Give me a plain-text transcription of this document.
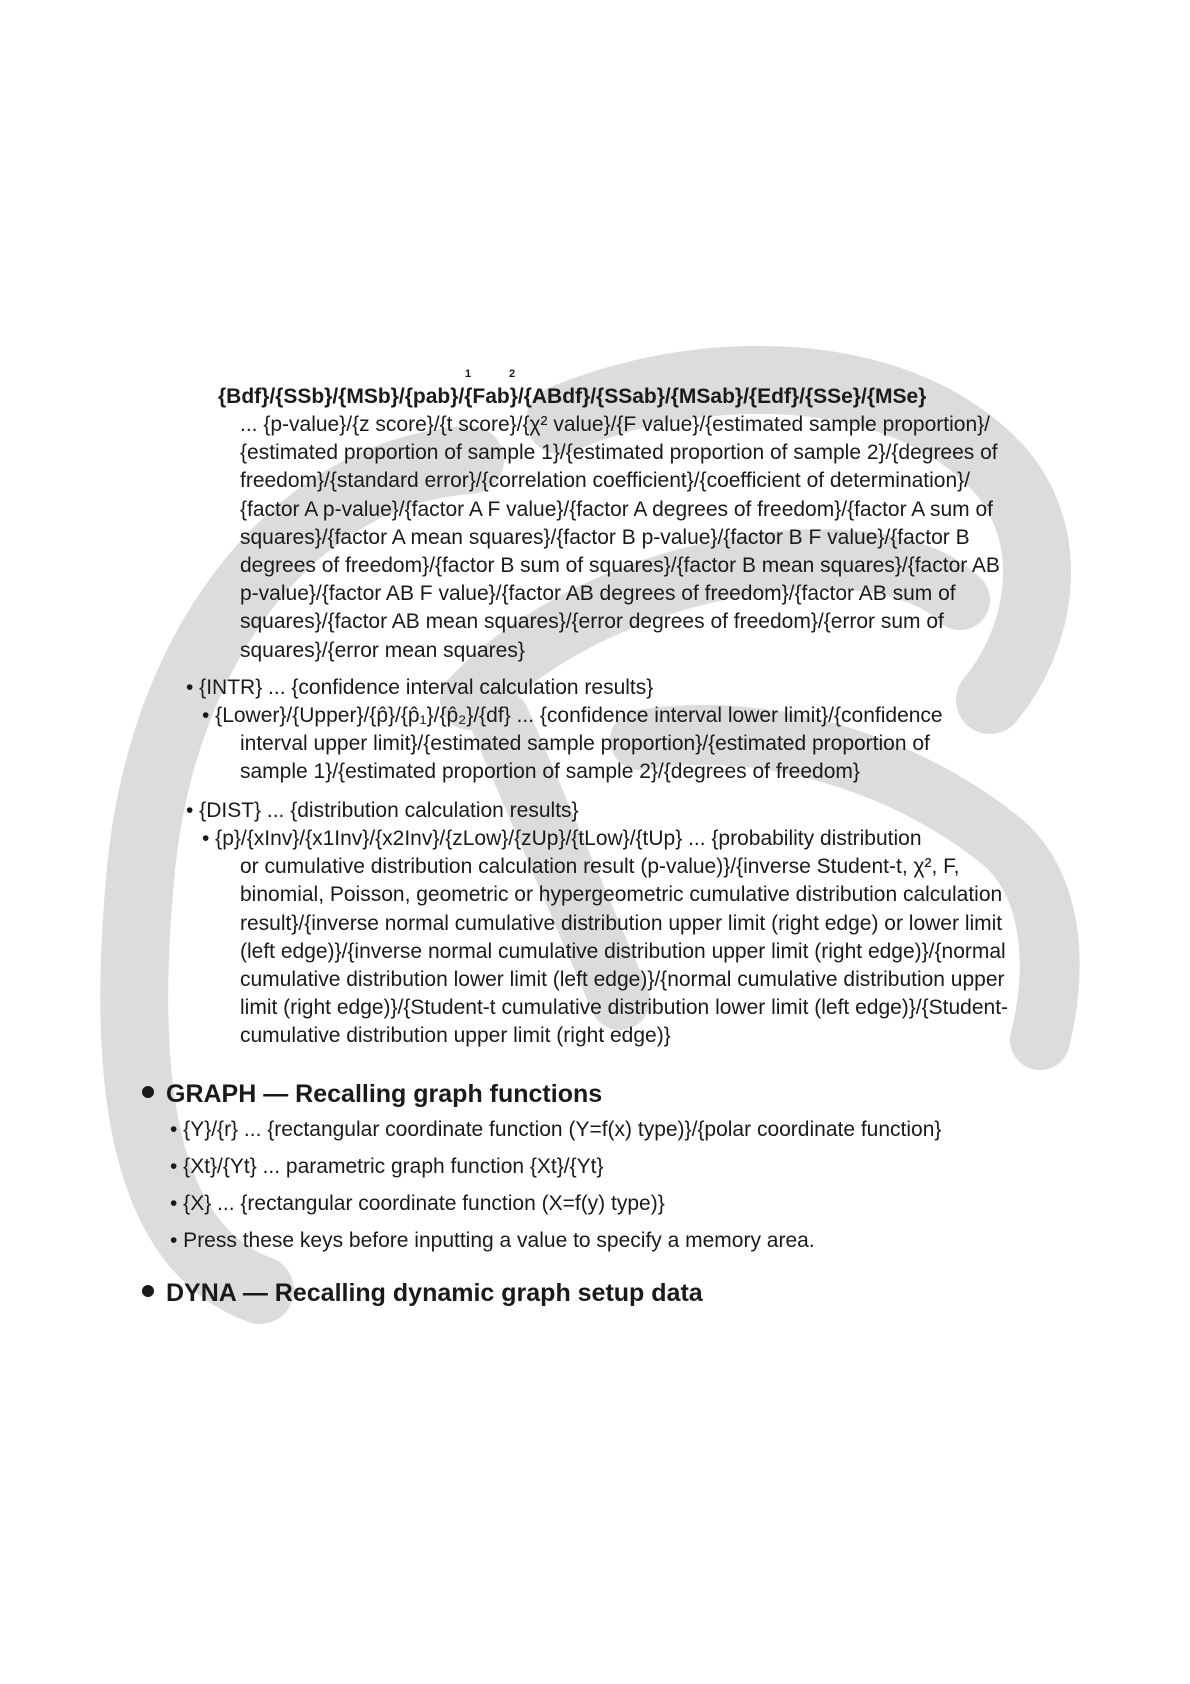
1	2
{Bdf}/{SSb}/{MSb}/{pab}/{Fab}/{ABdf}/{SSab}/{MSab}/{Edf}/{SSe}/{MSe}
... {p-value}/{z score}/{t score}/{χ² value}/{F value}/{estimated sample proportion}/
{estimated proportion of sample 1}/{estimated proportion of sample 2}/{degrees of
freedom}/{standard error}/{correlation coefficient}/{coefficient of determination}/
{factor A p-value}/{factor A F value}/{factor A degrees of freedom}/{factor A sum of
squares}/{factor A mean squares}/{factor B p-value}/{factor B F value}/{factor B
degrees of freedom}/{factor B sum of squares}/{factor B mean squares}/{factor AB
p-value}/{factor AB F value}/{factor AB degrees of freedom}/{factor AB sum of
squares}/{factor AB mean squares}/{error degrees of freedom}/{error sum of
squares}/{error mean squares}
• {INTR} ... {confidence interval calculation results}
• {Lower}/{Upper}/{p̂}/{p̂₁}/{p̂₂}/{df} ... {confidence interval lower limit}/{confidence
interval upper limit}/{estimated sample proportion}/{estimated proportion of
sample 1}/{estimated proportion of sample 2}/{degrees of freedom}
• {DIST} ... {distribution calculation results}
• {p}/{xInv}/{x1Inv}/{x2Inv}/{zLow}/{zUp}/{tLow}/{tUp} ... {probability distribution
or cumulative distribution calculation result (p-value)}/{inverse Student-t, χ², F,
binomial, Poisson, geometric or hypergeometric cumulative distribution calculation
result}/{inverse normal cumulative distribution upper limit (right edge) or lower limit
(left edge)}/{inverse normal cumulative distribution upper limit (right edge)}/{normal
cumulative distribution lower limit (left edge)}/{normal cumulative distribution upper
limit (right edge)}/{Student-t cumulative distribution lower limit (left edge)}/{Student-
cumulative distribution upper limit (right edge)}
GRAPH — Recalling graph functions
• {Y}/{r} ... {rectangular coordinate function (Y=f(x) type)}/{polar coordinate function}
• {Xt}/{Yt} ... parametric graph function {Xt}/{Yt}
• {X} ... {rectangular coordinate function (X=f(y) type)}
• Press these keys before inputting a value to specify a memory area.
DYNA — Recalling dynamic graph setup data
